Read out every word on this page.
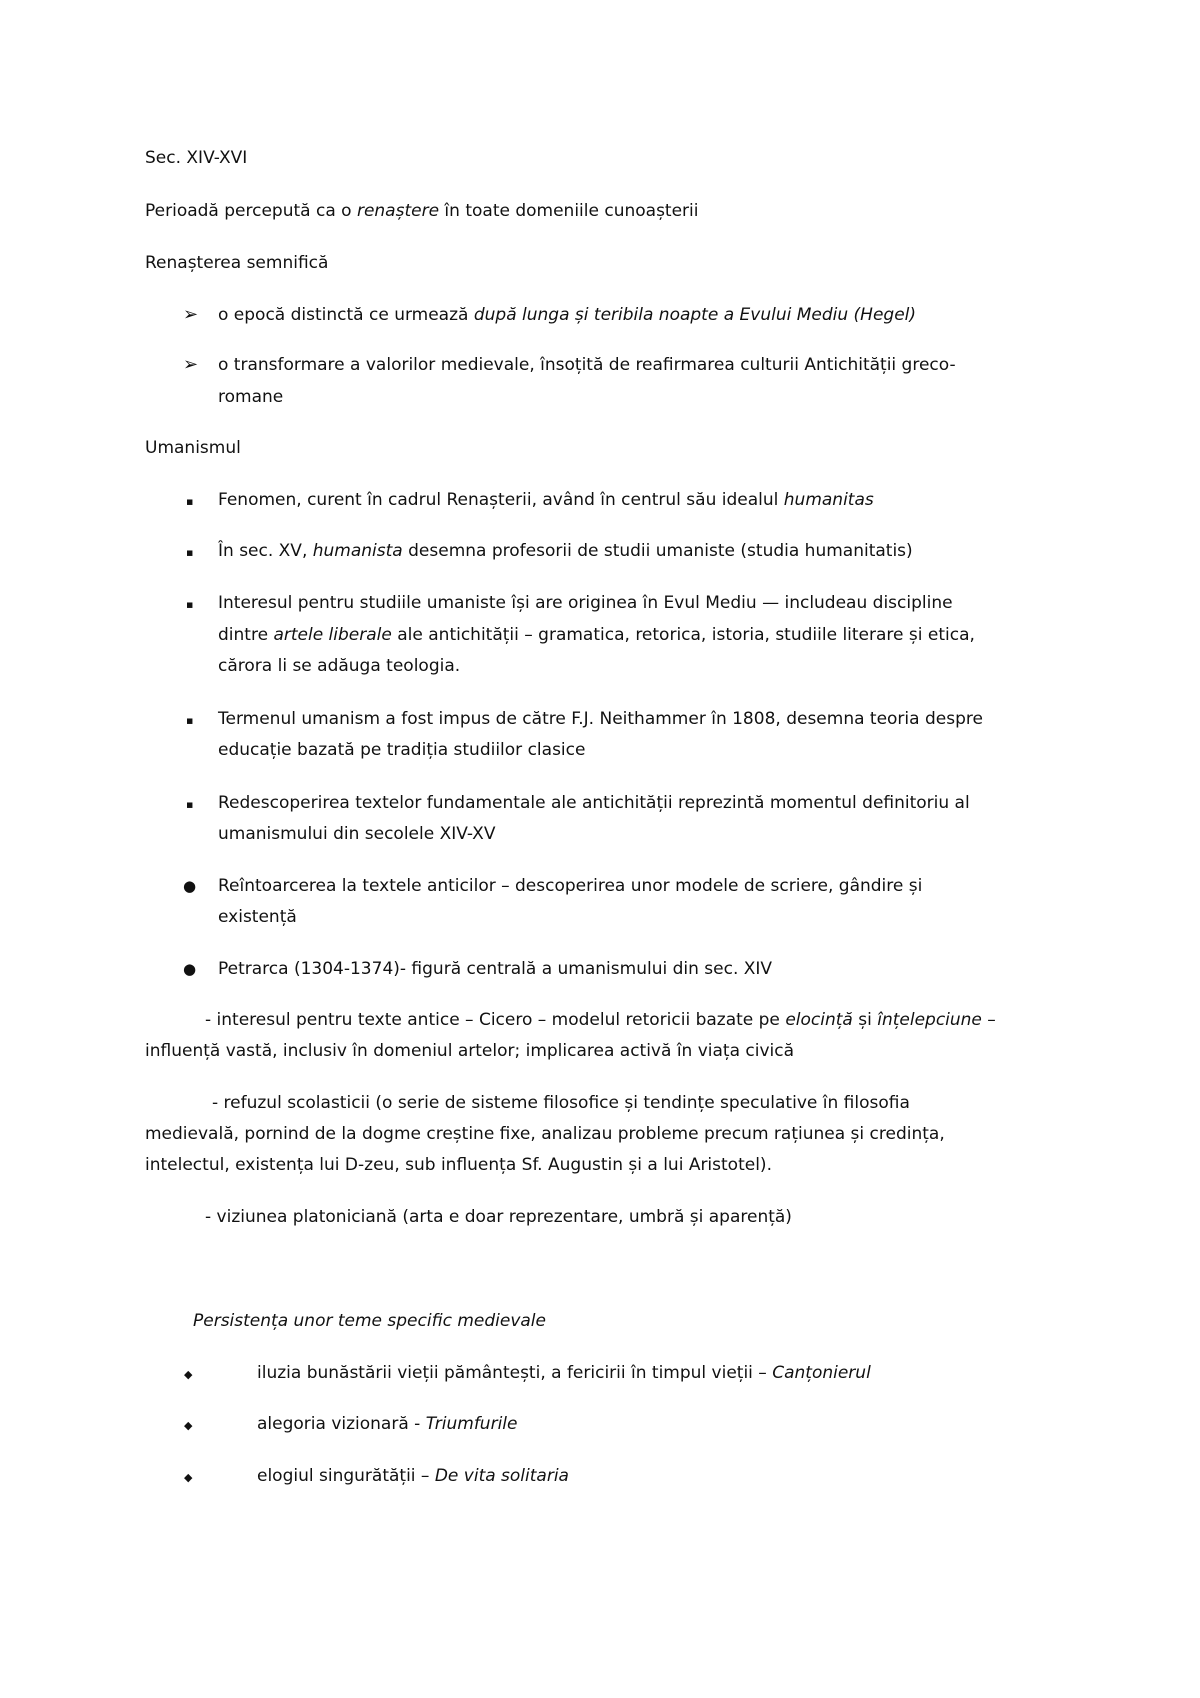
Sec. XIV-XVI
Perioadă percepută ca o renaștere în toate domeniile cunoașterii
Renașterea semnifică
➢ o epocă distinctă ce urmează după lunga și teribila noapte a Evului Mediu (Hegel)
➢ o transformare a valorilor medievale, însoțită de reafirmarea culturii Antichității greco-
romane
Umanismul
▪ Fenomen, curent în cadrul Renașterii, având în centrul său idealul humanitas
▪ În sec. XV, humanista desemna profesorii de studii umaniste (studia humanitatis)
▪ Interesul pentru studiile umaniste își are originea în Evul Mediu — includeau discipline
dintre artele liberale ale antichității – gramatica, retorica, istoria, studiile literare și etica,
cărora li se adăuga teologia.
▪ Termenul umanism a fost impus de către F.J. Neithammer în 1808, desemna teoria despre
educație bazată pe tradiția studiilor clasice
▪ Redescoperirea textelor fundamentale ale antichității reprezintă momentul definitoriu al
umanismului din secolele XIV-XV
● Reîntoarcerea la textele anticilor – descoperirea unor modele de scriere, gândire și
existență
● Petrarca (1304-1374)- figură centrală a umanismului din sec. XIV
- interesul pentru texte antice – Cicero – modelul retoricii bazate pe elocință și înțelepciune –
influență vastă, inclusiv în domeniul artelor; implicarea activă în viața civică
- refuzul scolasticii (o serie de sisteme filosofice și tendințe speculative în filosofia
medievală, pornind de la dogme creștine fixe, analizau probleme precum rațiunea și credința,
intelectul, existența lui D-zeu, sub influența Sf. Augustin și a lui Aristotel).
- viziunea platoniciană (arta e doar reprezentare, umbră și aparență)
Persistența unor teme specific medievale
◆	iluzia bunăstării vieții pământești, a fericirii în timpul vieții – Canțonierul
◆	alegoria vizionară - Triumfurile
◆	elogiul singurătății – De vita solitaria
